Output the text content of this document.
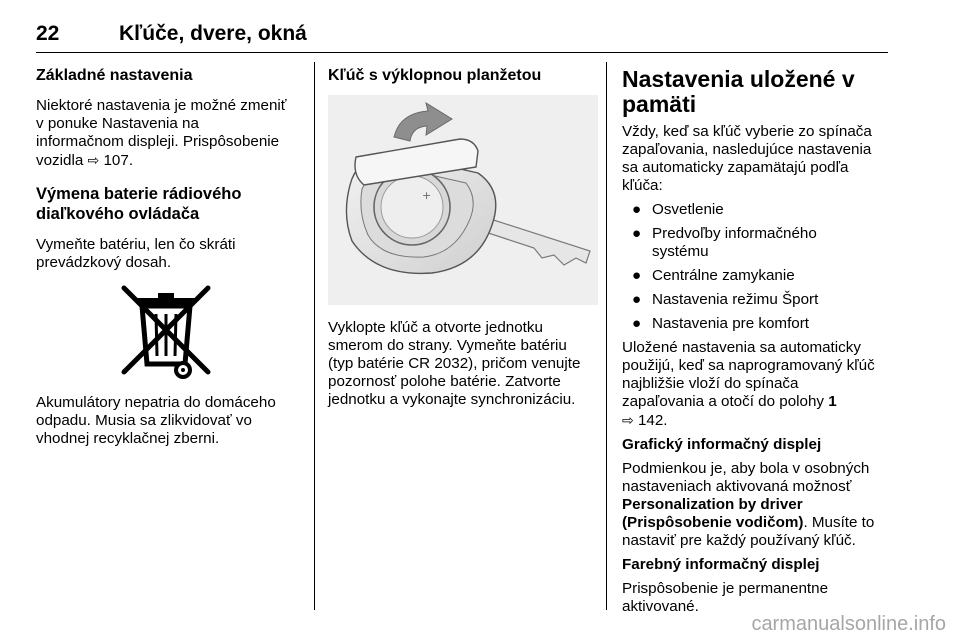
22	Kľúče, dvere, okná

Základné nastavenia

Niektoré nastavenia je možné zmeniť
v ponuke Nastavenia na
informačnom displeji. Prispôsobenie
vozidla ⇨ 107.

Výmena baterie rádiového
diaľkového ovládača

Vymeňte batériu, len čo skráti
prevádzkový dosah.

Akumulátory nepatria do domáceho
odpadu. Musia sa zlikvidovať vo
vhodnej recyklačnej zberni.

Kľúč s výklopnou planžetou

+

Vyklopte kľúč a otvorte jednotku
smerom do strany. Vymeňte batériu
(typ batérie CR 2032), pričom venujte
pozornosť polohe batérie. Zatvorte
jednotku a vykonajte synchronizáciu.

Nastavenia uložené v
pamäti

Vždy, keď sa kľúč vyberie zo spínača
zapaľovania, nasledujúce nastavenia
sa automaticky zapamätajú podľa
kľúča:

● Osvetlenie
● Predvoľby informačného
systému
● Centrálne zamykanie
● Nastavenia režimu Šport
● Nastavenia pre komfort

Uložené nastavenia sa automaticky
použijú, keď sa naprogramovaný kľúč
najbližšie vloží do spínača
zapaľovania a otočí do polohy 1
⇨ 142.

Grafický informačný displej

Podmienkou je, aby bola v osobných
nastaveniach aktivovaná možnosť
Personalization by driver
(Prispôsobenie vodičom). Musíte to
nastaviť pre každý používaný kľúč.

Farebný informačný displej

Prispôsobenie je permanentne
aktivované.

carmanualsonline.info
